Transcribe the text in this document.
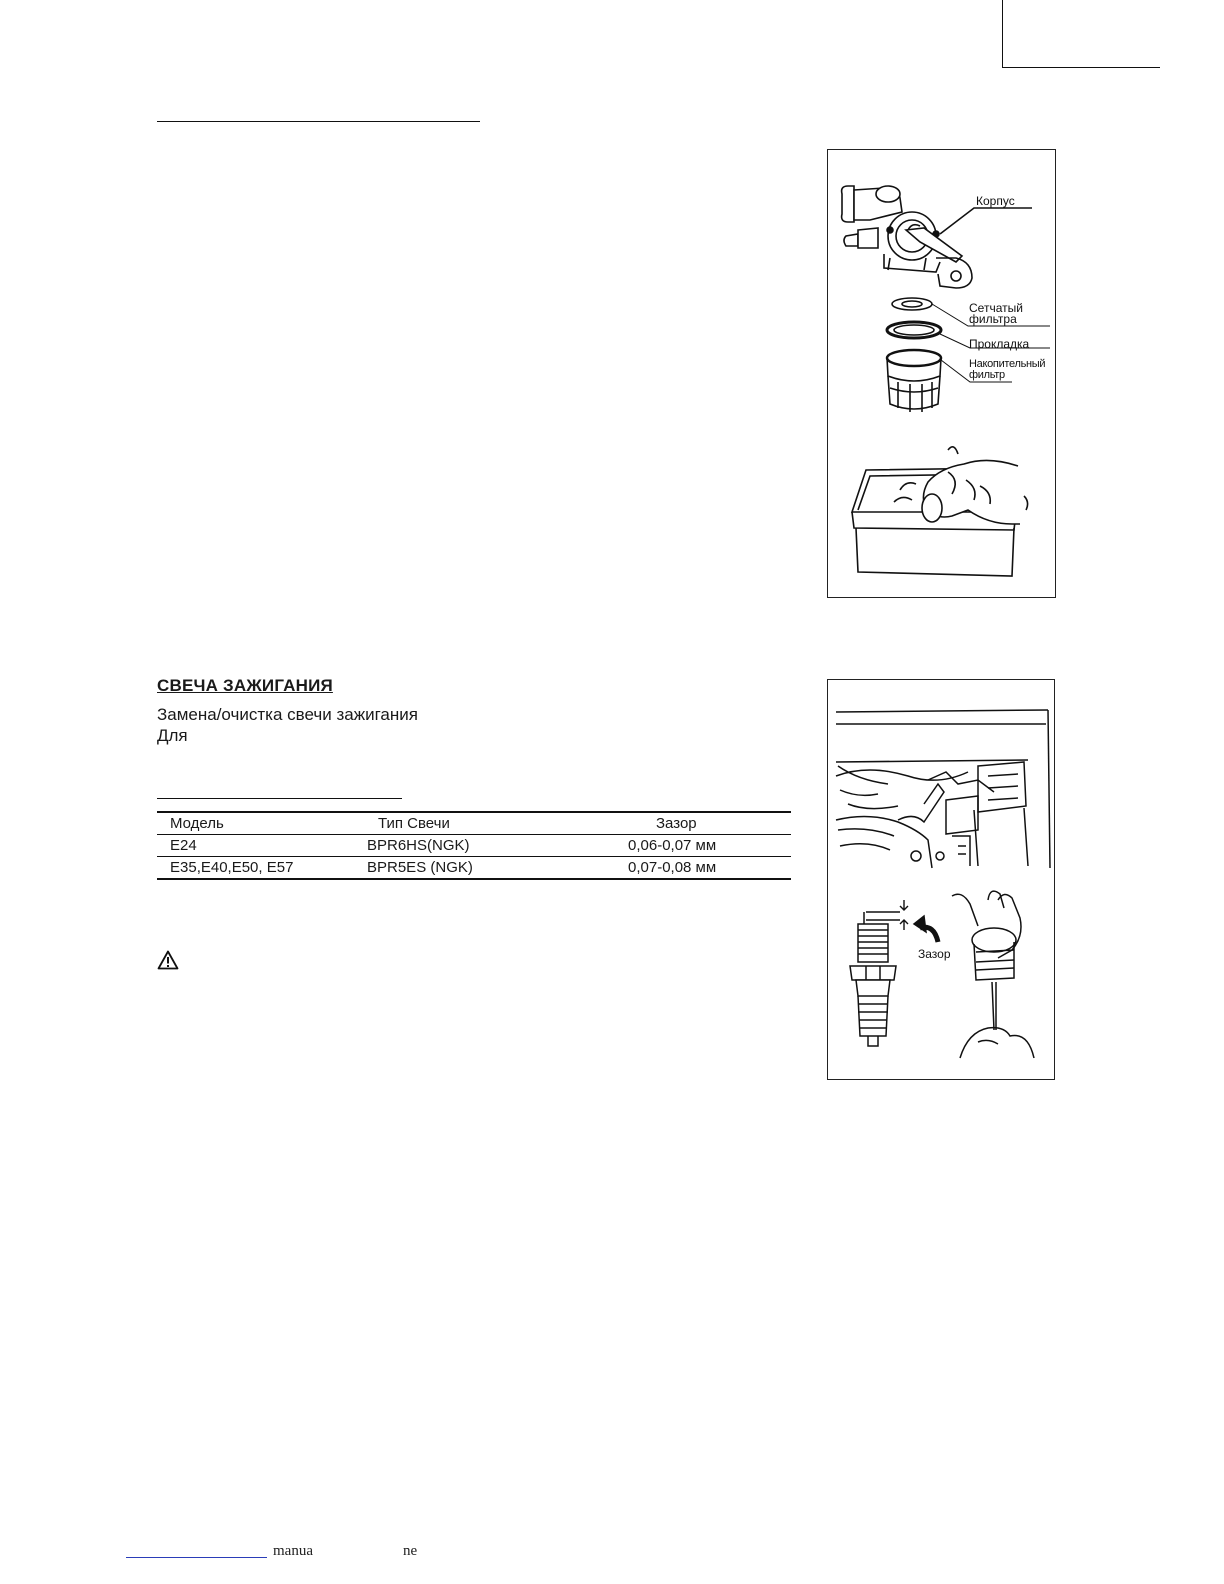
Корпус
Сетчатый
фильтра
Прокладка
Накопительный
фильтр
СВЕЧА ЗАЖИГАНИЯ
Замена/очистка свечи зажигания
Для
Модель	Тип Свечи	Зазор
E24	BPR6HS(NGK)	0,06-0,07 мм
E35,E40,E50, E57	BPR5ES (NGK)	0,07-0,08 мм
Зазор
manua	ne
